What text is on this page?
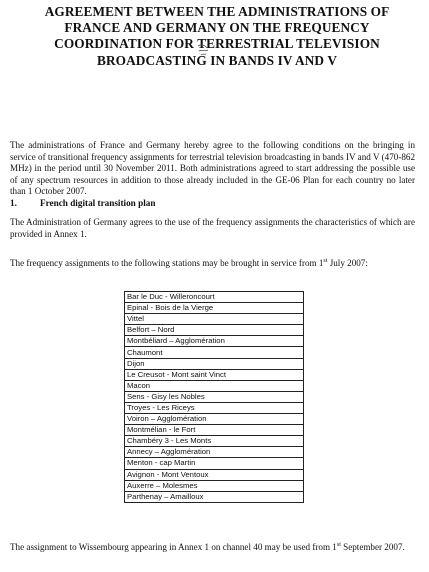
AGREEMENT BETWEEN THE ADMINISTRATIONS OF FRANCE AND GERMANY ON THE FREQUENCY COORDINATION FOR TERRESTRIAL TELEVISION BROADCASTING IN BANDS IV AND V
The administrations of France and Germany hereby agree to the following conditions on the bringing in service of transitional frequency assignments for terrestrial television broadcasting in bands IV and V (470-862 MHz) in the period until 30 November 2011. Both administrations agreed to start addressing the possible use of any spectrum resources in addition to those already included in the GE-06 Plan for each country no later than 1 October 2007.
1.	French digital transition plan
The Administration of Germany agrees to the use of the frequency assignments the characteristics of which are provided in Annex 1.
The frequency assignments to the following stations may be brought in service from 1st July 2007:
Bar le Duc - Willeroncourt
Epinal - Bois de la Vierge
Vittel
Belfort – Nord
Montbéliard – Agglomération
Chaumont
Dijon
Le Creusot - Mont saint Vinct
Macon
Sens - Gisy les Nobles
Troyes - Les Riceys
Voiron – Agglomération
Montmélian - le Fort
Chambéry 3 - Les Monts
Annecy – Agglomération
Menton - cap Martin
Avignon - Mont Ventoux
Auxerre – Molesmes
Parthenay – Amailloux
The assignment to Wissembourg appearing in Annex 1 on channel 40 may be used from 1st September 2007.
